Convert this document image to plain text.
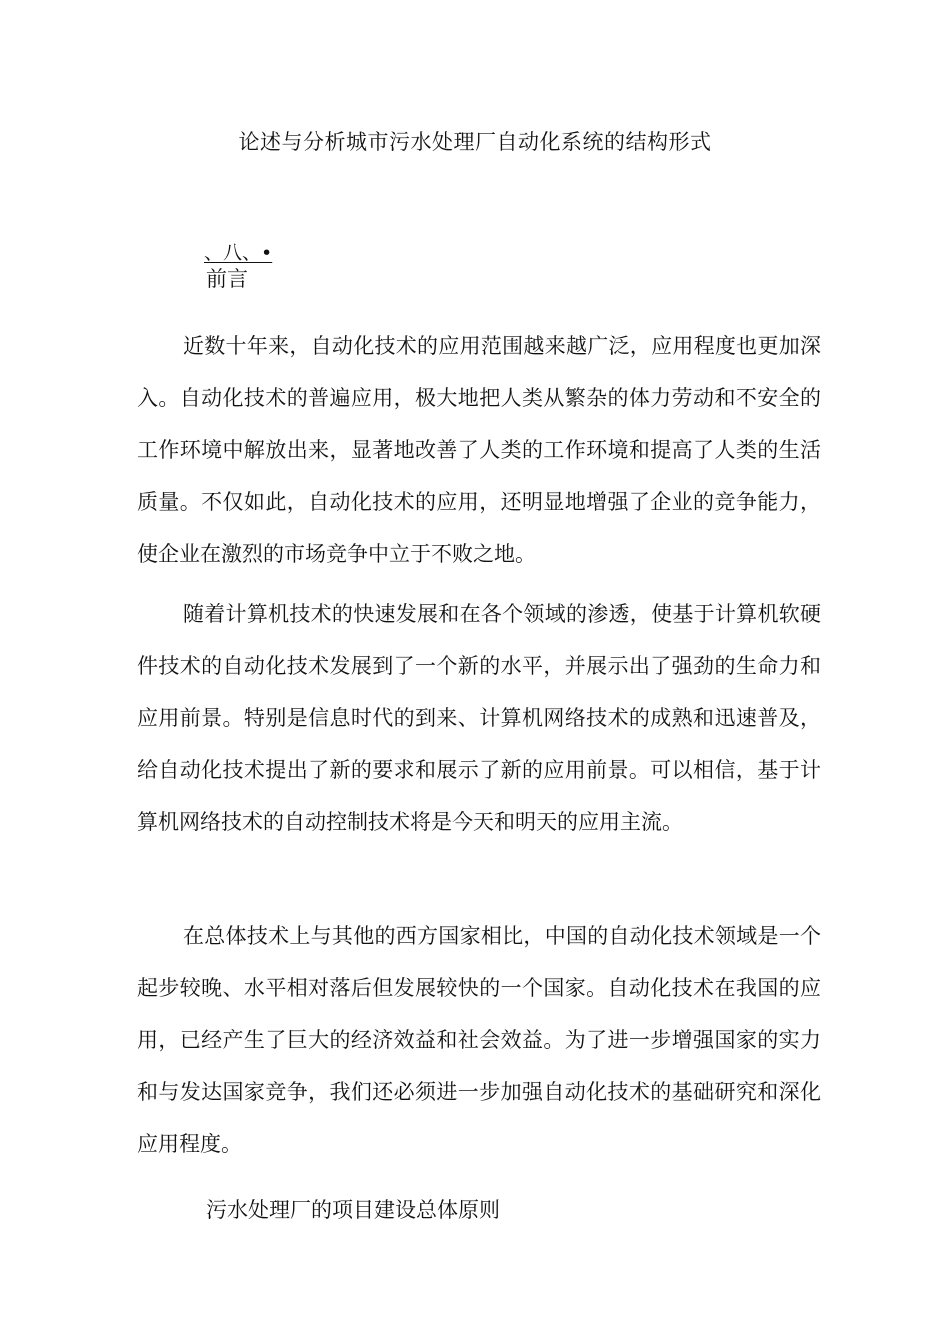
论述与分析城市污水处理厂自动化系统的结构形式
、八、•
前言

近数十年来，自动化技术的应用范围越来越广泛，应用程度也更加深入。自动化技术的普遍应用，极大地把人类从繁杂的体力劳动和不安全的工作环境中解放出来，显著地改善了人类的工作环境和提高了人类的生活质量。不仅如此，自动化技术的应用，还明显地增强了企业的竞争能力，使企业在激烈的市场竞争中立于不败之地。

随着计算机技术的快速发展和在各个领域的渗透，使基于计算机软硬件技术的自动化技术发展到了一个新的水平，并展示出了强劲的生命力和应用前景。特别是信息时代的到来、计算机网络技术的成熟和迅速普及，给自动化技术提出了新的要求和展示了新的应用前景。可以相信，基于计算机网络技术的自动控制技术将是今天和明天的应用主流。

在总体技术上与其他的西方国家相比，中国的自动化技术领域是一个起步较晚、水平相对落后但发展较快的一个国家。自动化技术在我国的应用，已经产生了巨大的经济效益和社会效益。为了进一步增强国家的实力和与发达国家竞争，我们还必须进一步加强自动化技术的基础研究和深化应用程度。

污水处理厂的项目建设总体原则
